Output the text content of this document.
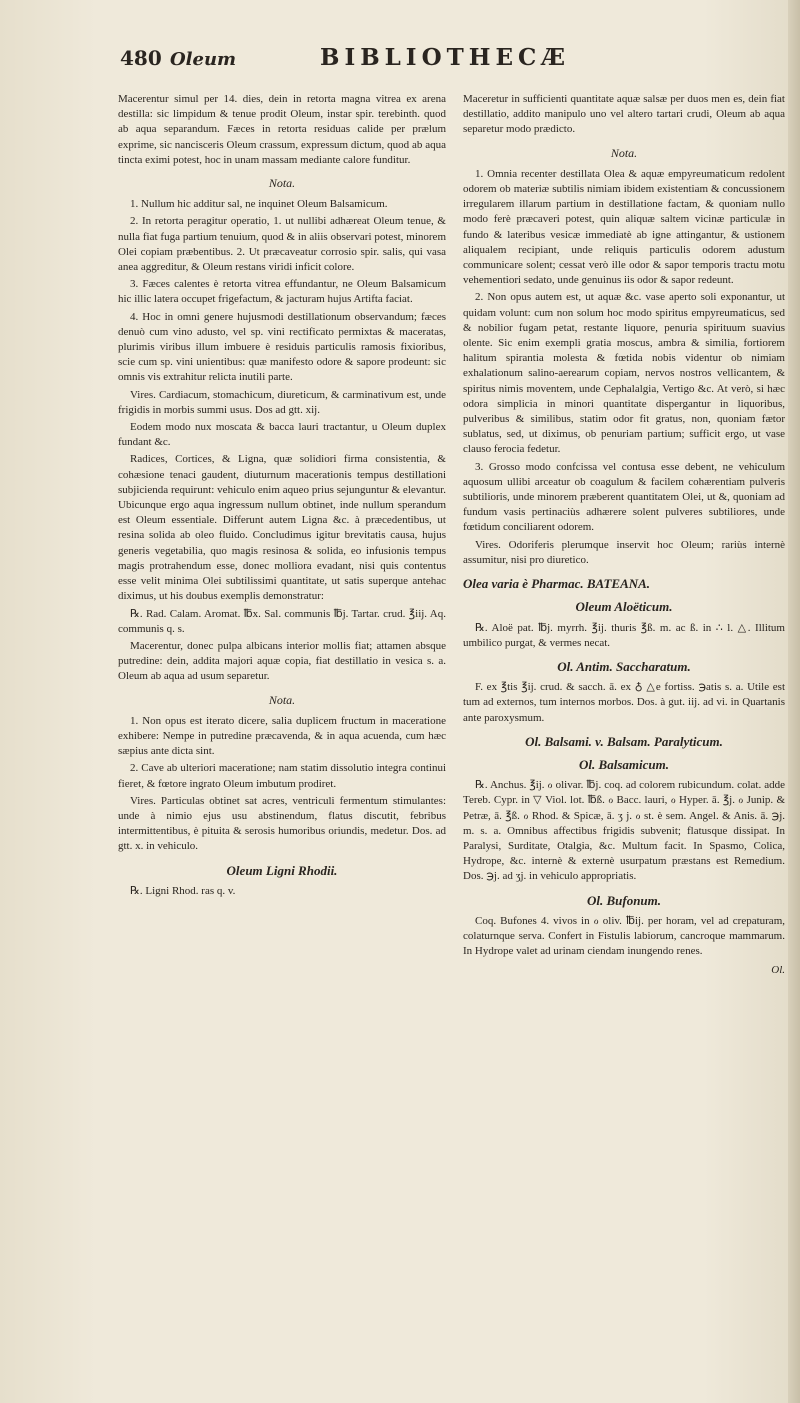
480 Oleum	BIBLIOTHECÆ

Macerentur simul per 14. dies, dein in retorta magna vitrea ex arena destilla: sic limpidum & tenue prodit Oleum, instar spir. terebinth. quod ab aqua separandum. Fæces in retorta residuas calide per prælum exprime, sic nancisceris Oleum crassum, expressum dictum, quod ab aqua tincta eximi potest, hoc in unam massam mediante calore funditur.

Nota.

1. Nullum hic additur sal, ne inquinet Oleum Balsamicum.

2. In retorta peragitur operatio, 1. ut nullibi adhæreat Oleum tenue, & nulla fiat fuga partium tenuium, quod & in aliis observari potest, minorem Olei copiam præbentibus. 2. Ut præcaveatur corrosio spir. salis, qui vasa anea aggreditur, & Oleum restans viridi inficit colore.

3. Fæces calentes è retorta vitrea effundantur, ne Oleum Balsamicum hic illic latera occupet frigefactum, & jacturam hujus Artifta faciat.

4. Hoc in omni genere hujusmodi destillationum observandum; fæces denuò cum vino adusto, vel sp. vini rectificato permixtas & maceratas, plurimis viribus illum imbuere è residuis particulis ramosis fixioribus, scie cum sp. vini unientibus: quæ manifesto odore & sapore prodeunt: sic omnis vis extrahitur relicta inutili parte.

Vires. Cardiacum, stomachicum, diureticum, & carminativum est, unde frigidis in morbis summi usus. Dos ad gtt. xij.

Eodem modo nux moscata & bacca lauri tractantur, u Oleum duplex fundant &c.

Radices, Cortices, & Ligna, quæ solidiori firma consistentia, & cohæsione tenaci gaudent, diuturnum macerationis tempus destillationi subjicienda requirunt: vehiculo enim aqueo prius sejunguntur & elevantur. Ubicunque ergo aqua ingressum nullum obtinet, inde nullum sperandum est Oleum essentiale. Differunt autem Ligna &c. à præcedentibus, ut resina solida ab oleo fluido. Concludimus igitur brevitatis causa, hujus generis vegetabilia, quo magis resinosa & solida, eo infusionis tempus magis protrahendum esse, donec molliora evadant, nisi quis contentus esse velit minima Olei subtilissimi quantitate, ut satis superque antehac diximus, ut his doubus exemplis demonstratur:

℞. Rad. Calam. Aromat. ℔x. Sal. communis ℔j. Tartar. crud. ℥iij. Aq. communis q. s.

Macerentur, donec pulpa albicans interior mollis fiat; attamen absque putredine: dein, addita majori aquæ copia, fiat destillatio in vesica s. a. Oleum ab aqua ad usum separetur.

Nota.

1. Non opus est iterato dicere, salia duplicem fructum in maceratione exhibere: Nempe in putredine præcavenda, & in aqua acuenda, cum hæc sæpius ante dicta sint.

2. Cave ab ulteriori maceratione; nam statim dissolutio integra continui fieret, & fœtore ingrato Oleum imbutum prodiret.

Vires. Particulas obtinet sat acres, ventriculi fermentum stimulantes: unde à nimio ejus usu abstinendum, flatus discutit, febribus intermittentibus, è pituita & serosis humoribus oriundis, medetur. Dos. ad gtt. x. in vehiculo.

Oleum Ligni Rhodii.

℞. Ligni Rhod. ras q. v.

Maceretur in sufficienti quantitate aquæ salsæ per duos men es, dein fiat destillatio, addito manipulo uno vel altero tartari crudi, Oleum ab aqua separetur modo prædicto.

Nota.

1. Omnia recenter destillata Olea & aquæ empyreumaticum redolent odorem ob materiæ subtilis nimiam ibidem existentiam & concussionem irregularem illarum partium in destillatione factam, & quoniam nullo modo ferè præcaveri potest, quin aliquæ saltem vicinæ particulæ in fundo & lateribus vesicæ immediatè ab igne attingantur, & ustionem aliqualem recipiant, unde reliquis particulis odorem adustum communicare solent; cessat verò ille odor & sapor temporis tractu motu vehementiori sedato, unde genuinus iis odor & sapor redeunt.

2. Non opus autem est, ut aquæ &c. vase aperto soli exponantur, ut quidam volunt: cum non solum hoc modo spiritus empyreumaticus, sed & nobilior fugam petat, restante liquore, penuria spirituum suavius olente. Sic enim exempli gratia moscus, ambra & similia, fortiorem halitum spirantia molesta & fœtida nobis videntur ob nimiam exhalationum salino-aerearum copiam, nervos nostros vellicantem, & spiritus nimis moventem, unde Cephalalgia, Vertigo &c. At verò, si hæc odora simplicia in minori quantitate dispergantur in liquoribus, pulveribus & similibus, statim odor fit gratus, non, quoniam fætor sublatus, sed, ut diximus, ob penuriam partium; sufficit ergo, ut vase clauso ferocia fedetur.

3. Grosso modo confcissa vel contusa esse debent, ne vehiculum aquosum ullibi arceatur ob coagulum & facilem cohærentiam pulveris subtilioris, unde minorem præberent quantitatem Olei, ut &, quoniam ad fundum vasis pertinaciùs adhærere solent pulveres subtiliores, unde fœtidum conciliarent odorem.

Vires. Odoriferis plerumque inservit hoc Oleum; rariùs internè assumitur, nisi pro diuretico.

Olea varia è Pharmac. BATEANA.
Oleum Aloëticum.

℞. Aloë pat. ℔j. myrrh. ℥ij. thuris ℥ß. m. ac ß. in ∴ l. △. Illitum umbilico purgat, & vermes necat.

Ol. Antim. Saccharatum.

F. ex ℥tis ℥ij. crud. & sacch. ā. ex ♁ △e fortiss. ℈atis s. a. Utile est tum ad externos, tum internos morbos. Dos. à gut. iij. ad vi. in Quartanis ante paroxysmum.

Ol. Balsami. v. Balsam. Paralyticum.
Ol. Balsamicum.

℞. Anchus. ℥ij. ℴ olivar. ℔j. coq. ad colorem rubicundum. colat. adde Tereb. Cypr. in ▽ Viol. lot. ℔ß. ℴ Bacc. lauri, ℴ Hyper. ā. ℥j. ℴ Junip. & Petræ, ā. ℥ß. ℴ Rhod. & Spicæ, ā. ʒ j. ℴ st. è sem. Angel. & Anis. ā. ℈j. m. s. a. Omnibus affectibus frigidis subvenit; flatusque dissipat. In Paralysi, Surditate, Otalgia, &c. Multum facit. In Spasmo, Colica, Hydrope, &c. internè & externè usurpatum præstans est Remedium. Dos. ℈j. ad ʒj. in vehiculo appropriatis.

Ol. Bufonum.

Coq. Bufones 4. vivos in ℴ oliv. ℔ij. per horam, vel ad crepaturam, colaturnque serva. Confert in Fistulis labiorum, cancroque mammarum. In Hydrope valet ad urinam ciendam inungendo renes.

Ol.
